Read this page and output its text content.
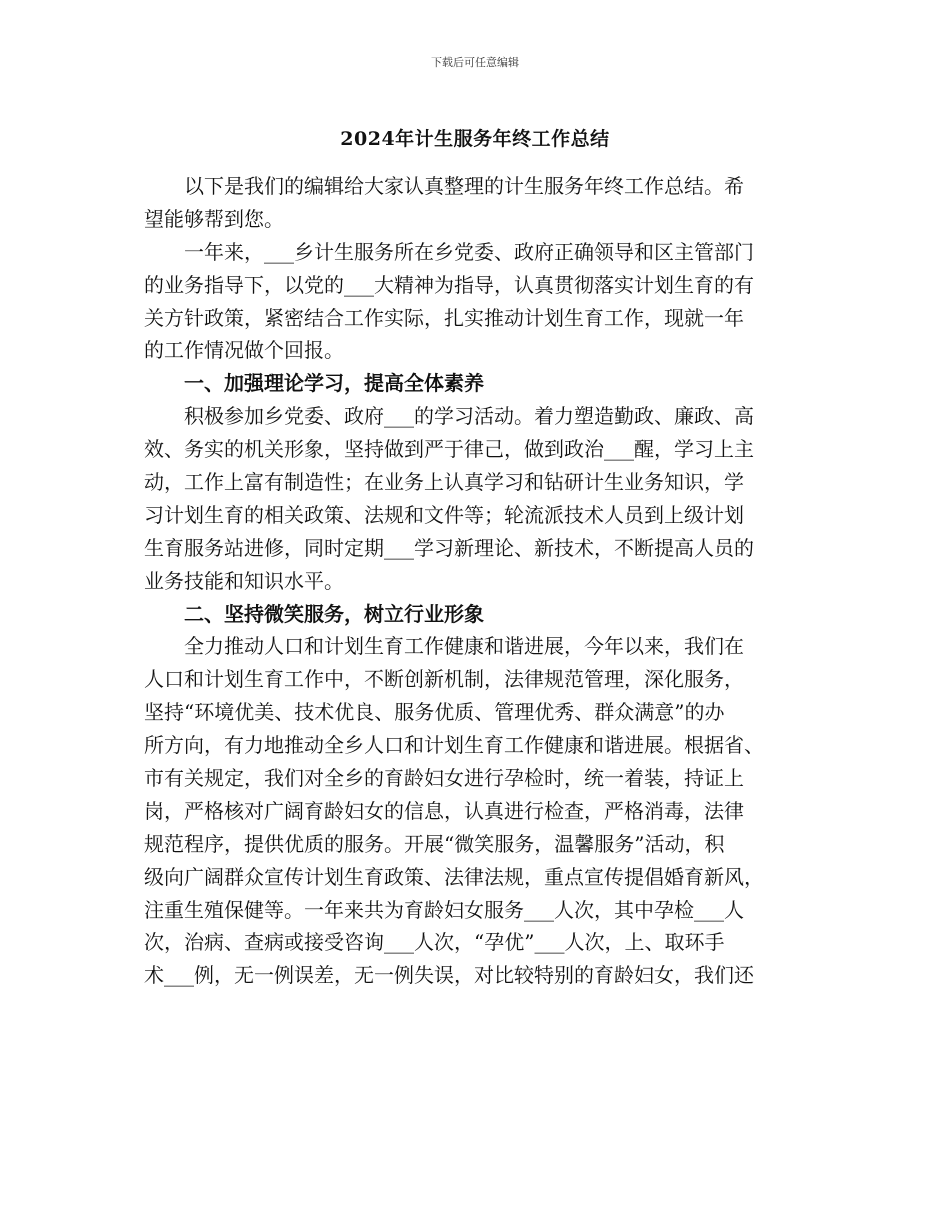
下载后可任意编辑
2024年计生服务年终工作总结
　　以下是我们的编辑给大家认真整理的计生服务年终工作总结。希
望能够帮到您。
　　一年来，___乡计生服务所在乡党委、政府正确领导和区主管部门
的业务指导下，以党的___大精神为指导，认真贯彻落实计划生育的有
关方针政策，紧密结合工作实际，扎实推动计划生育工作，现就一年
的工作情况做个回报。
　　一、加强理论学习，提高全体素养
　　积极参加乡党委、政府___的学习活动。着力塑造勤政、廉政、高
效、务实的机关形象，坚持做到严于律己，做到政治___醒，学习上主
动，工作上富有制造性；在业务上认真学习和钻研计生业务知识，学
习计划生育的相关政策、法规和文件等；轮流派技术人员到上级计划
生育服务站进修，同时定期___学习新理论、新技术，不断提高人员的
业务技能和知识水平。
　　二、坚持微笑服务，树立行业形象
　　全力推动人口和计划生育工作健康和谐进展，今年以来，我们在
人口和计划生育工作中，不断创新机制，法律规范管理，深化服务，
坚持“环境优美、技术优良、服务优质、管理优秀、群众满意”的办
所方向，有力地推动全乡人口和计划生育工作健康和谐进展。根据省、
市有关规定，我们对全乡的育龄妇女进行孕检时，统一着装，持证上
岗，严格核对广阔育龄妇女的信息，认真进行检查，严格消毒，法律
规范程序，提供优质的服务。开展“微笑服务，温馨服务”活动，积
级向广阔群众宣传计划生育政策、法律法规，重点宣传提倡婚育新风，
注重生殖保健等。一年来共为育龄妇女服务___人次，其中孕检___人
次，治病、查病或接受咨询___人次，“孕优”___人次，上、取环手
术___例，无一例误差，无一例失误，对比较特别的育龄妇女，我们还
